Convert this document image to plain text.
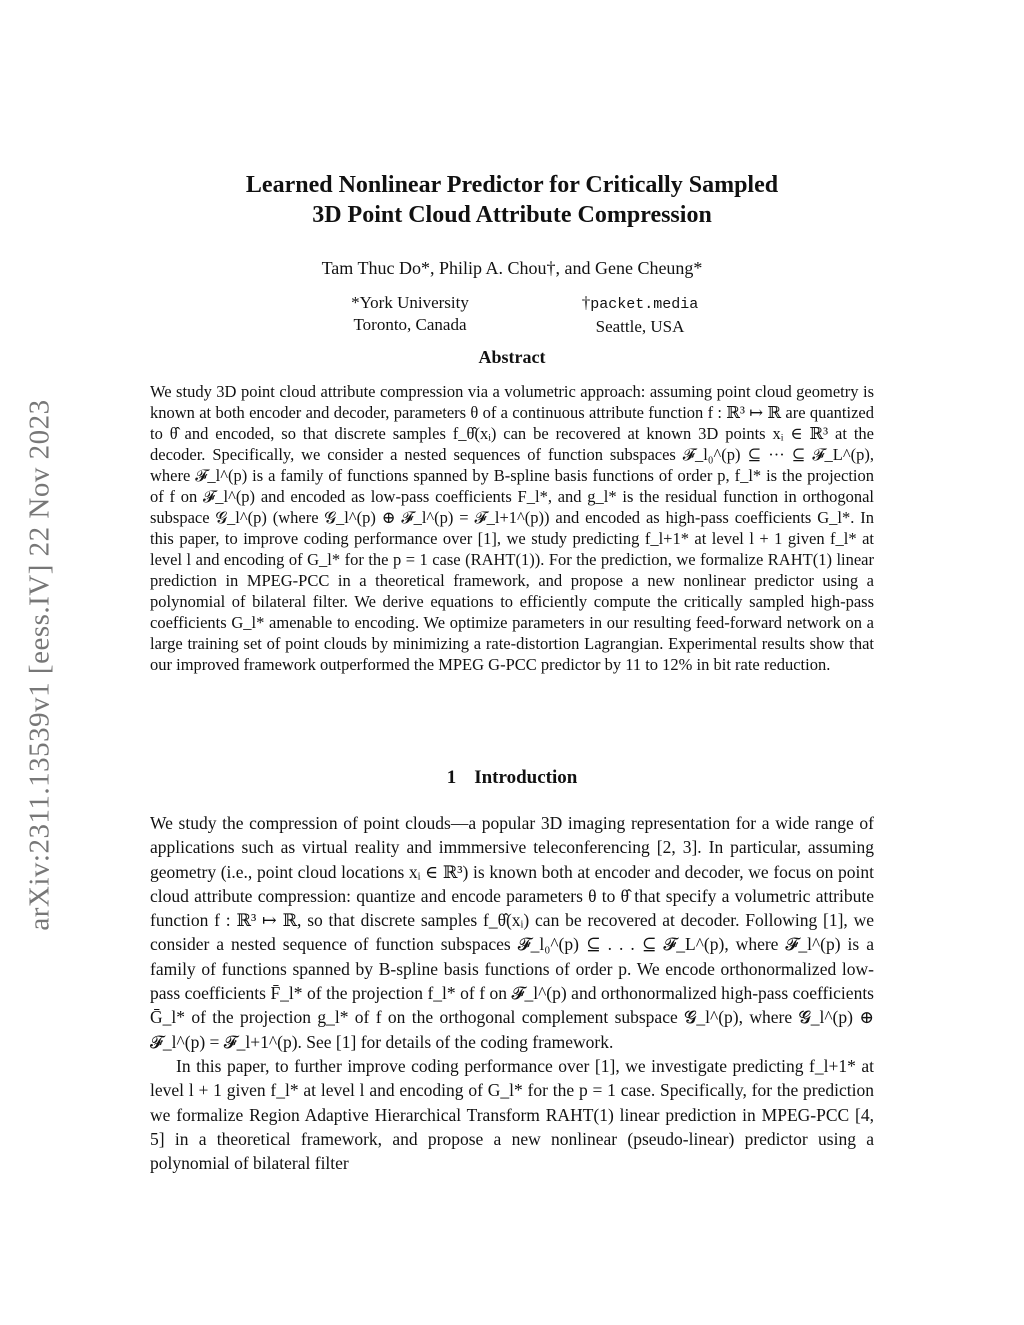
arXiv:2311.13539v1 [eess.IV] 22 Nov 2023
Learned Nonlinear Predictor for Critically Sampled
3D Point Cloud Attribute Compression
Tam Thuc Do*, Philip A. Chou†, and Gene Cheung*
*York University
Toronto, Canada
†packet.media
Seattle, USA
Abstract
We study 3D point cloud attribute compression via a volumetric approach: assuming point cloud geometry is known at both encoder and decoder, parameters θ of a continuous attribute function f : ℝ³ ↦ ℝ are quantized to θ̂ and encoded, so that discrete samples f_θ̂(xᵢ) can be recovered at known 3D points xᵢ ∈ ℝ³ at the decoder. Specifically, we consider a nested sequences of function subspaces 𝓕_l₀^(p) ⊆ ··· ⊆ 𝓕_L^(p), where 𝓕_l^(p) is a family of functions spanned by B-spline basis functions of order p, f_l* is the projection of f on 𝓕_l^(p) and encoded as low-pass coefficients F_l*, and g_l* is the residual function in orthogonal subspace 𝓖_l^(p) (where 𝓖_l^(p) ⊕ 𝓕_l^(p) = 𝓕_l+1^(p)) and encoded as high-pass coefficients G_l*. In this paper, to improve coding performance over [1], we study predicting f_l+1* at level l + 1 given f_l* at level l and encoding of G_l* for the p = 1 case (RAHT(1)). For the prediction, we formalize RAHT(1) linear prediction in MPEG-PCC in a theoretical framework, and propose a new nonlinear predictor using a polynomial of bilateral filter. We derive equations to efficiently compute the critically sampled high-pass coefficients G_l* amenable to encoding. We optimize parameters in our resulting feed-forward network on a large training set of point clouds by minimizing a rate-distortion Lagrangian. Experimental results show that our improved framework outperformed the MPEG G-PCC predictor by 11 to 12% in bit rate reduction.
1 Introduction

We study the compression of point clouds—a popular 3D imaging representation for a wide range of applications such as virtual reality and immmersive teleconferencing [2, 3]. In particular, assuming geometry (i.e., point cloud locations xᵢ ∈ ℝ³) is known both at encoder and decoder, we focus on point cloud attribute compression: quantize and encode parameters θ to θ̂ that specify a volumetric attribute function f : ℝ³ ↦ ℝ, so that discrete samples f_θ̂(xᵢ) can be recovered at decoder. Following [1], we consider a nested sequence of function subspaces 𝓕_l₀^(p) ⊆ . . . ⊆ 𝓕_L^(p), where 𝓕_l^(p) is a family of functions spanned by B-spline basis functions of order p. We encode orthonormalized low-pass coefficients F̄_l* of the projection f_l* of f on 𝓕_l^(p) and orthonormalized high-pass coefficients Ḡ_l* of the projection g_l* of f on the orthogonal complement subspace 𝓖_l^(p), where 𝓖_l^(p) ⊕ 𝓕_l^(p) = 𝓕_l+1^(p). See [1] for details of the coding framework.

In this paper, to further improve coding performance over [1], we investigate predicting f_l+1* at level l + 1 given f_l* at level l and encoding of G_l* for the p = 1 case. Specifically, for the prediction we formalize Region Adaptive Hierarchical Transform RAHT(1) linear prediction in MPEG-PCC [4, 5] in a theoretical framework, and propose a new nonlinear (pseudo-linear) predictor using a polynomial of bilateral filter
